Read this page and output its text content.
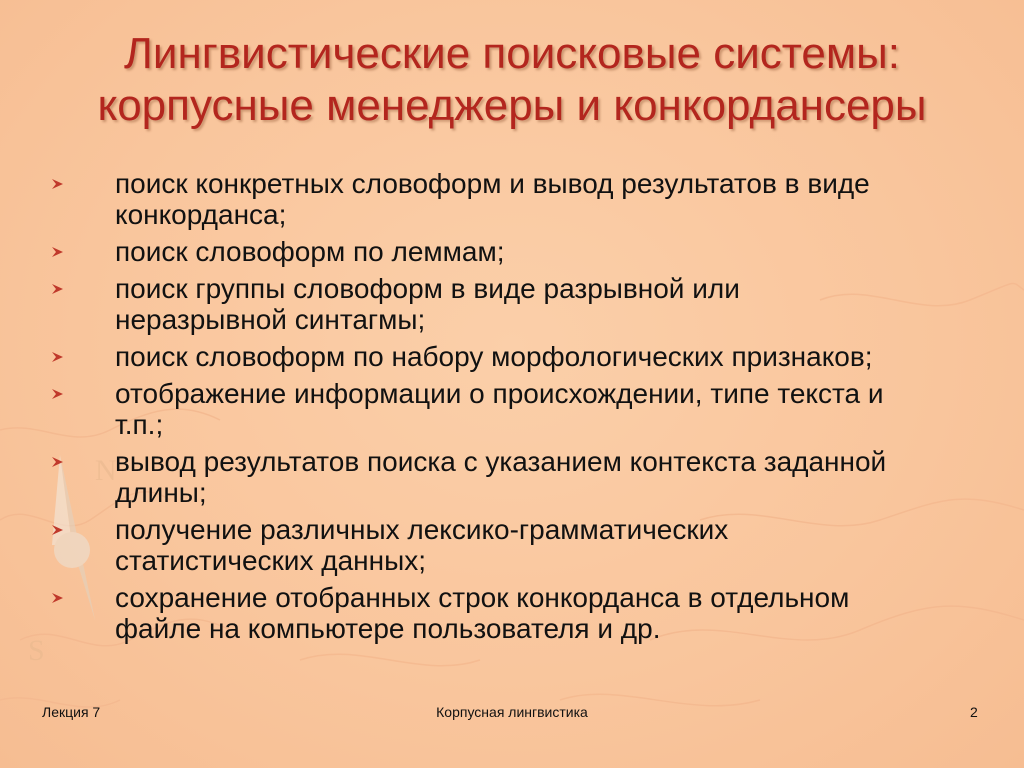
N
S
Лингвистические поисковые системы:
корпусные менеджеры и конкордансеры
поиск конкретных словоформ и вывод результатов в виде
конкорданса;
поиск словоформ по леммам;
поиск группы словоформ в виде разрывной или
неразрывной синтагмы;
поиск словоформ по набору морфологических признаков;
отображение информации о происхождении, типе текста и
т.п.;
вывод результатов поиска с указанием контекста заданной
длины;
получение различных лексико-грамматических
статистических данных;
сохранение отобранных строк конкорданса в отдельном
файле на компьютере пользователя и др.
Лекция 7	Корпусная лингвистика	2
